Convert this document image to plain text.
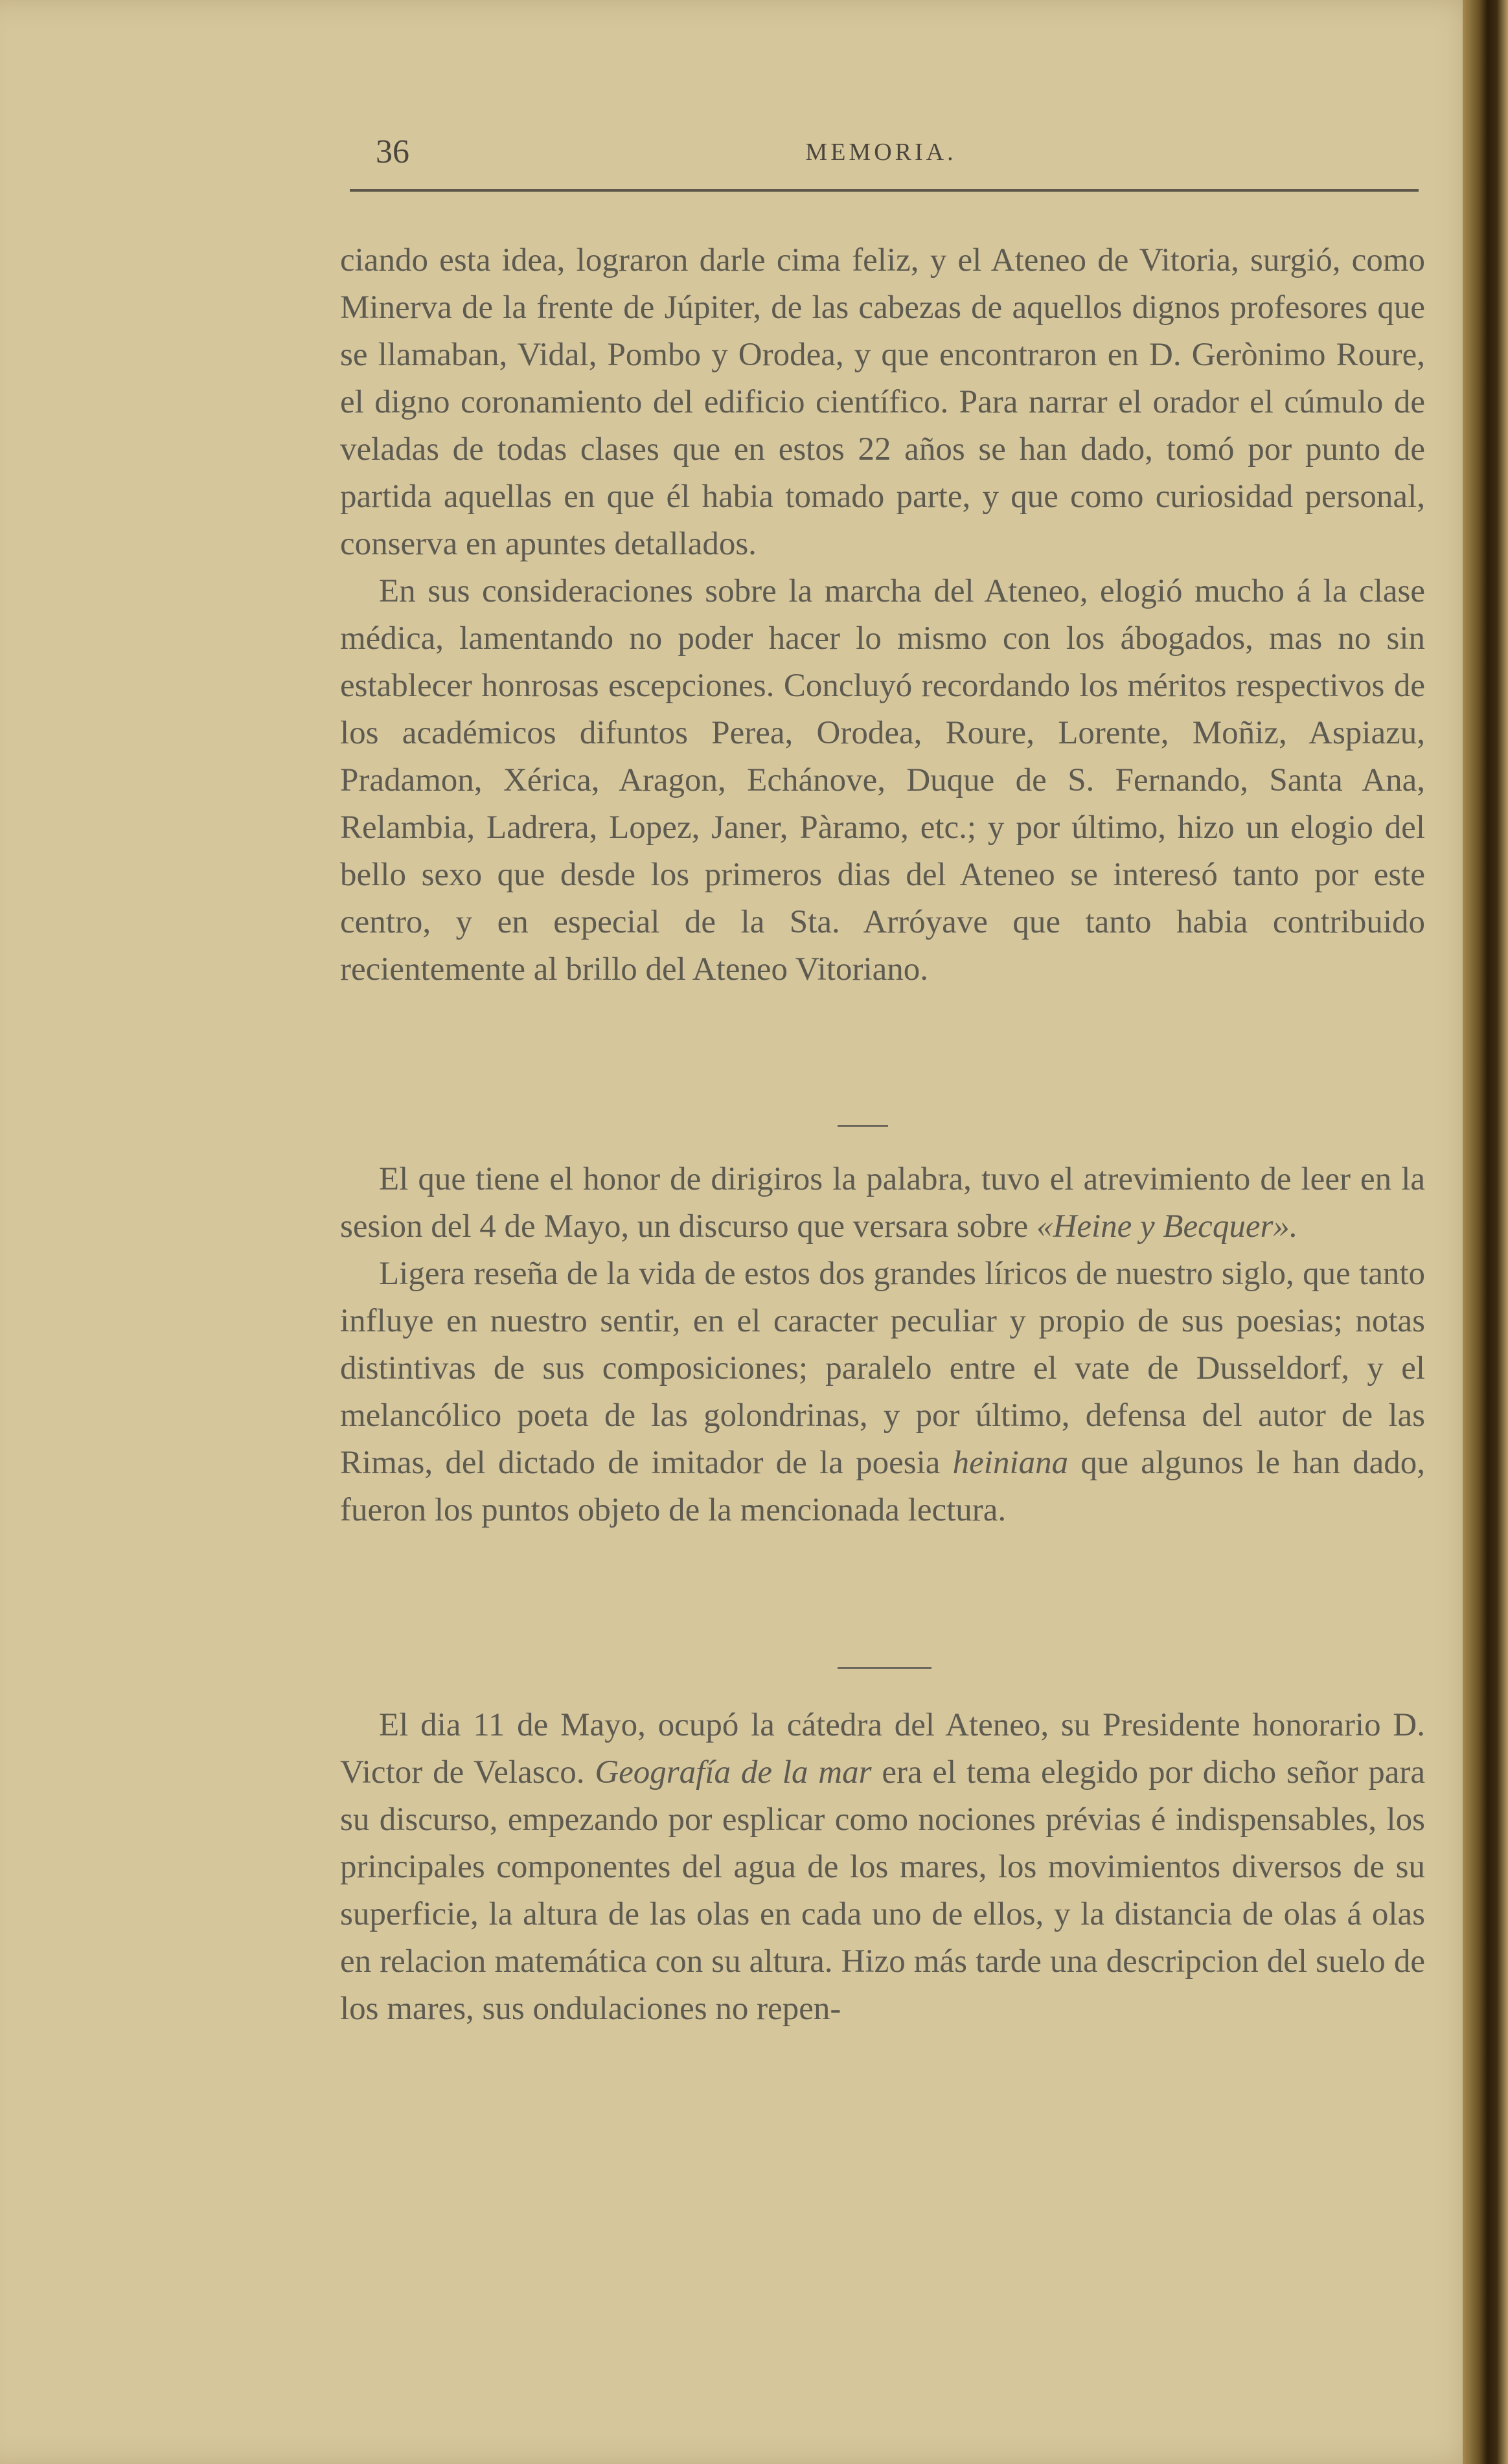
36	MEMORIA.

ciando esta idea, lograron darle cima feliz, y el Ateneo de Vitoria, surgió, como Minerva de la frente de Júpiter, de las cabezas de aquellos dignos profesores que se llamaban, Vidal, Pombo y Orodea, y que encontraron en D. Gerònimo Roure, el digno coronamiento del edificio científico. Para narrar el orador el cúmulo de veladas de todas clases que en estos 22 años se han dado, tomó por punto de partida aquellas en que él habia tomado parte, y que como curiosidad personal, conserva en apuntes detallados.

En sus consideraciones sobre la marcha del Ateneo, elogió mucho á la clase médica, lamentando no poder hacer lo mismo con los ábogados, mas no sin establecer honrosas escepciones. Concluyó recordando los méritos respectivos de los académicos difuntos Perea, Orodea, Roure, Lorente, Moñiz, Aspiazu, Pradamon, Xérica, Aragon, Echánove, Duque de S. Fernando, Santa Ana, Relambia, Ladrera, Lopez, Janer, Pàramo, etc.; y por último, hizo un elogio del bello sexo que desde los primeros dias del Ateneo se interesó tanto por este centro, y en especial de la Sta. Arróyave que tanto habia contribuido recientemente al brillo del Ateneo Vitoriano.

El que tiene el honor de dirigiros la palabra, tuvo el atrevimiento de leer en la sesion del 4 de Mayo, un discurso que versara sobre «Heine y Becquer».

Ligera reseña de la vida de estos dos grandes líricos de nuestro siglo, que tanto influye en nuestro sentir, en el caracter peculiar y propio de sus poesias; notas distintivas de sus composiciones; paralelo entre el vate de Dusseldorf, y el melancólico poeta de las golondrinas, y por último, defensa del autor de las Rimas, del dictado de imitador de la poesia heiniana que algunos le han dado, fueron los puntos objeto de la mencionada lectura.

El dia 11 de Mayo, ocupó la cátedra del Ateneo, su Presidente honorario D. Victor de Velasco. Geografía de la mar era el tema elegido por dicho señor para su discurso, empezando por esplicar como nociones prévias é indispensables, los principales componentes del agua de los mares, los movimientos diversos de su superficie, la altura de las olas en cada uno de ellos, y la distancia de olas á olas en relacion matemática con su altura. Hizo más tarde una descripcion del suelo de los mares, sus ondulaciones no repen-
